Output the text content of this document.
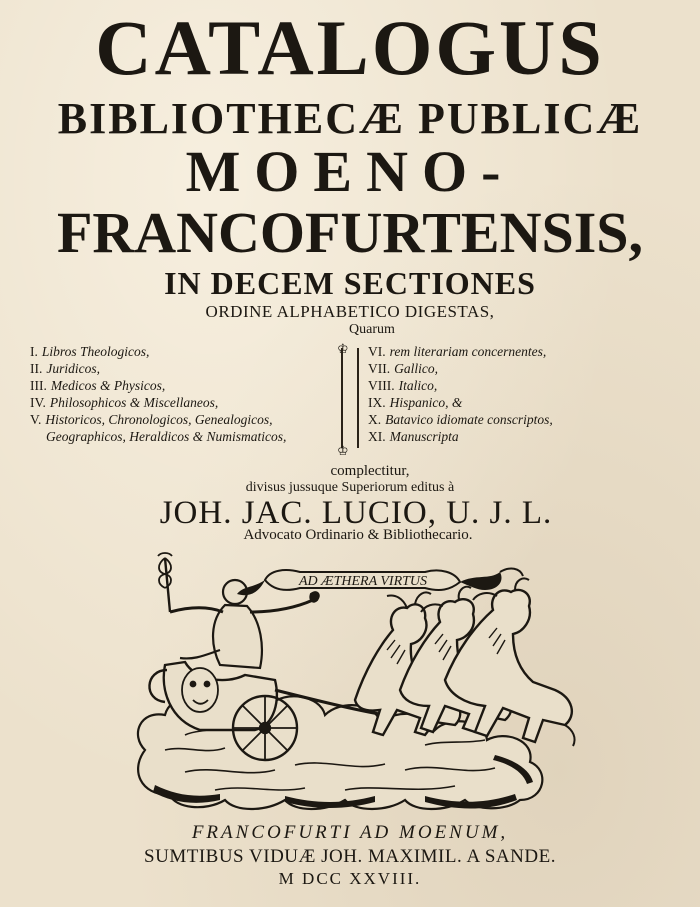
CATALOGUS
BIBLIOTHECÆ PUBLICÆ
MOENO-
FRANCOFURTENSIS,
IN DECEM SECTIONES
ORDINE ALPHABETICO DIGESTAS,
Quarum
I. Libros Theologicos,
II. Juridicos,
III. Medicos & Physicos,
IV. Philosophicos & Miscellaneos,
V. Historicos, Chronologicos, Genealogicos,
Geographicos, Heraldicos & Numismaticos,
♔
♔
VI. rem literariam concernentes,
VII. Gallico,
VIII. Italico,
IX. Hispanico, &
X. Batavico idiomate conscriptos,
XI. Manuscripta
complectitur,
divisus jussuque Superiorum editus à
JOH. JAC. LUCIO, U. J. L.
Advocato Ordinario & Bibliothecario.
AD ÆTHERA VIRTUS
FRANCOFURTI AD MOENUM,
SUMTIBUS VIDUÆ JOH. MAXIMIL. A SANDE.
M DCC XXVIII.
